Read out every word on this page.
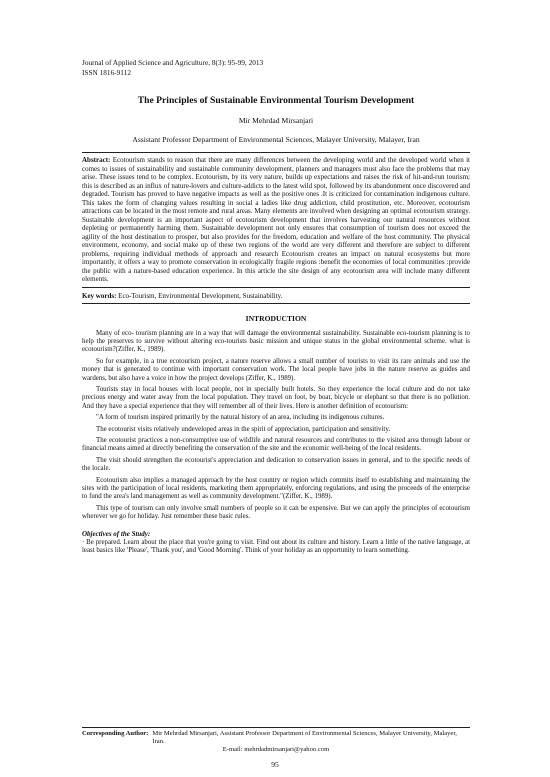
Journal of Applied Science and Agriculture, 8(3): 95-99, 2013
ISSN 1816-9112
The Principles of Sustainable Environmental Tourism Development
Mir Mehrdad Mirsanjari
Assistant Professor Department of Environmental Sciences, Malayer University, Malayer, Iran

Abstract: Ecotourism stands to reason that there are many differences between the developing world and the developed world when it comes to issues of sustainability and sustainable community development, planners and managers must also face the problems that may arise. These issues tend to be complex. Ecotourism, by its very nature, builds up expectations and raises the risk of hit-and-run tourism; this is described as an influx of nature-lovers and culture-addicts to the latest wild spot, followed by its abandonment once discovered and degraded. Tourism has proved to have negative impacts as well as the positive ones .It is criticized for contamination indigenous culture. This takes the form of changing values resulting in social a ladies like drug addiction, child prostitution, etc. Moreover, ecotourism attractions can be located in the most remote and rural areas. Many elements are involved when designing an optimal ecotourism strategy. Sustainable development is an important aspect of ecotourism development that involves harvesting our natural resources without depleting or permanently harming them. Sustainable development not only ensures that consumption of tourism does not exceed the agility of the host destination to prosper, but also provides for the freedom, education and welfare of the host community. The physical environment, economy, and social make up of these two regions of the world are very different and therefore are subject to different problems, requiring individual methods of approach and research Ecotourism creates an impact on natural ecosystems but more importantly, it offers a way to promote conservation in ecologically fragile regions :benefit the economies of local communities :provide the public with a nature-based education experience. In this article the site design of any ecotourism area will include many different elements.

Key words: Eco-Tourism, Environmental Development, Sustainability.
INTRODUCTION

Many of eco- tourism planning are in a way that will damage the environmental sustainability. Sustainable eco-tourism planning is to help the preserves to survive without altering eco-tourists basic mission and unique status in the global environmental scheme. what is ecotourism?(Ziffer, K., 1989).

So for example, in a true ecotourism project, a nature reserve allows a small number of tourists to visit its rare animals and use the money that is generated to continue with important conservation work. The local people have jobs in the nature reserve as guides and wardens, but also have a voice in how the project develops (Ziffer, K., 1989).

Tourists stay in local houses with local people, not in specially built hotels. So they experience the local culture and do not take precious energy and water away from the local population. They travel on foot, by boat, bicycle or elephant so that there is no pollution. And they have a special experience that they will remember all of their lives. Here is another definition of ecotourism:

"A form of tourism inspired primarily by the natural history of an area, including its indigenous cultures.

The ecotourist visits relatively undeveloped areas in the spirit of appreciation, participation and sensitivity.

The ecotourist practices a non-consumptive use of wildlife and natural resources and contributes to the visited area through labour or financial means aimed at directly benefiting the conservation of the site and the economic well-being of the local residents.

The visit should strengthen the ecotourist's appreciation and dedication to conservation issues in general, and to the specific needs of the locale.

Ecotourism also implies a managed approach by the host country or region which commits itself to establishing and maintaining the sites with the participation of local residents, marketing them appropriately, enforcing regulations, and using the proceeds of the enterprise to fund the area's land management as well as community development."(Ziffer, K., 1989).

This type of tourism can only involve small numbers of people so it can be expensive. But we can apply the principles of ecotourism wherever we go for holiday. Just remember these basic rules.

Objectives of the Study:
· Be prepared. Learn about the place that you're going to visit. Find out about its culture and history. Learn a little of the native language, at least basics like 'Please', 'Thank you', and 'Good Morning'. Think of your holiday as an opportunity to learn something.
Corresponding Author: Mir Mehrdad Mirsanjari, Assistant Professor Department of Environmental Sciences, Malayer University, Malayer, Iran.
E-mail: mehrdadmirsanjari@yahoo.com
95
